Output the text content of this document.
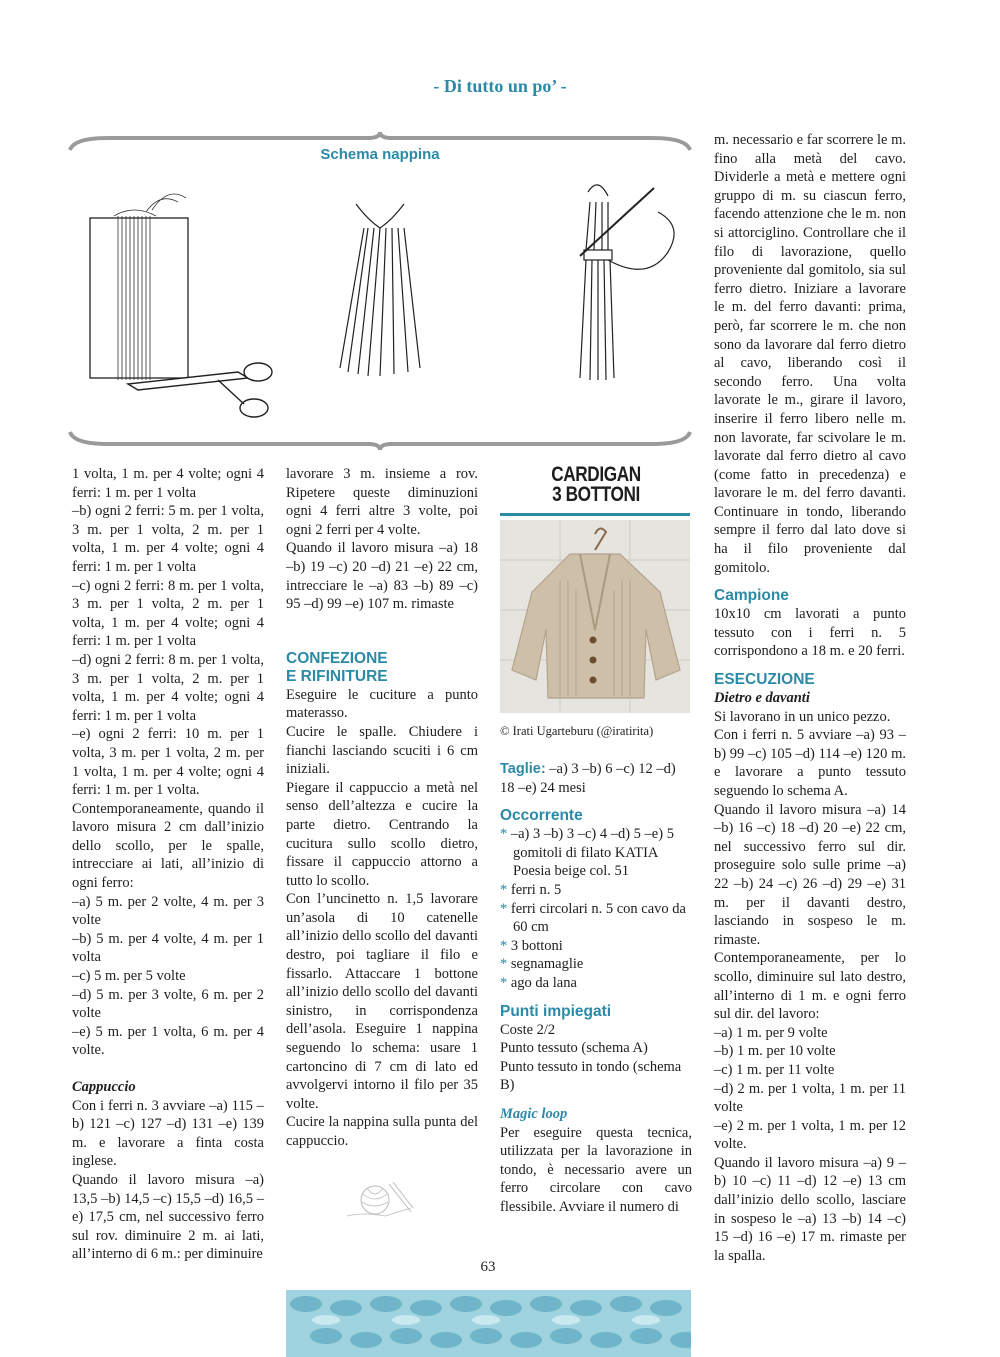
- Di tutto un po’ -
Schema nappina

1 volta, 1 m. per 4 volte; ogni 4 ferri: 1 m. per 1 volta

–b) ogni 2 ferri: 5 m. per 1 volta, 3 m. per 1 volta, 2 m. per 1 volta, 1 m. per 4 volte; ogni 4 ferri: 1 m. per 1 volta

–c) ogni 2 ferri: 8 m. per 1 volta, 3 m. per 1 volta, 2 m. per 1 volta, 1 m. per 4 volte; ogni 4 ferri: 1 m. per 1 volta

–d) ogni 2 ferri: 8 m. per 1 volta, 3 m. per 1 volta, 2 m. per 1 volta, 1 m. per 4 volte; ogni 4 ferri: 1 m. per 1 volta

–e) ogni 2 ferri: 10 m. per 1 volta, 3 m. per 1 volta, 2 m. per 1 volta, 1 m. per 4 volte; ogni 4 ferri: 1 m. per 1 volta.

Contemporaneamente, quando il lavoro misura 2 cm dall’inizio dello scollo, per le spalle, intrecciare ai lati, all’inizio di ogni ferro:

–a) 5 m. per 2 volte, 4 m. per 3 volte

–b) 5 m. per 4 volte, 4 m. per 1 volta

–c) 5 m. per 5 volte

–d) 5 m. per 3 volte, 6 m. per 2 volte

–e) 5 m. per 1 volta, 6 m. per 4 volte.

Cappuccio

Con i ferri n. 3 avviare –a) 115 –b) 121 –c) 127 –d) 131 –e) 139 m. e lavorare a finta costa inglese.

Quando il lavoro misura –a) 13,5 –b) 14,5 –c) 15,5 –d) 16,5 –e) 17,5 cm, nel successivo ferro sul rov. diminuire 2 m. ai lati, all’interno di 6 m.: per diminuire

lavorare 3 m. insieme a rov. Ripetere queste diminuzioni ogni 4 ferri altre 3 volte, poi ogni 2 ferri per 4 volte.

Quando il lavoro misura –a) 18 –b) 19 –c) 20 –d) 21 –e) 22 cm, intrecciare le –a) 83 –b) 89 –c) 95 –d) 99 –e) 107 m. rimaste

CONFEZIONE

E RIFINITURE

Eseguire le cuciture a punto materasso.

Cucire le spalle. Chiudere i fianchi lasciando scuciti i 6 cm iniziali.

Piegare il cappuccio a metà nel senso dell’altezza e cucire la parte dietro. Centrando la cucitura sullo scollo dietro, fissare il cappuccio attorno a tutto lo scollo.

Con l’uncinetto n. 1,5 lavorare un’asola di 10 catenelle all’inizio dello scollo del davanti destro, poi tagliare il filo e fissarlo. Attaccare 1 bottone all’inizio dello scollo del davanti sinistro, in corrispondenza dell’asola. Eseguire 1 nappina seguendo lo schema: usare 1 cartoncino di 7 cm di lato ed avvolgervi intorno il filo per 35 volte.

Cucire la nappina sulla punta del cappuccio.

CARDIGAN
3 BOTTONI
© Irati Ugarteburu (@iratirita)

Taglie: –a) 3 –b) 6 –c) 12 –d) 18 –e) 24 mesi

Occorrente

* –a) 3 –b) 3 –c) 4 –d) 5 –e) 5 gomitoli di filato KATIA Poesia beige col. 51
* ferri n. 5
* ferri circolari n. 5 con cavo da 60 cm
* 3 bottoni
* segnamaglie
* ago da lana

Punti impiegati

Coste 2/2

Punto tessuto (schema A)

Punto tessuto in tondo (schema B)

Magic loop

Per eseguire questa tecnica, utilizzata per la lavorazione in tondo, è necessario avere un ferro circolare con cavo flessibile. Avviare il numero di

m. necessario e far scorrere le m. fino alla metà del cavo. Dividerle a metà e mettere ogni gruppo di m. su ciascun ferro, facendo attenzione che le m. non si attorciglino. Controllare che il filo di lavorazione, quello proveniente dal gomitolo, sia sul ferro dietro. Iniziare a lavorare le m. del ferro davanti: prima, però, far scorrere le m. che non sono da lavorare dal ferro dietro al cavo, liberando così il secondo ferro. Una volta lavorate le m., girare il lavoro, inserire il ferro libero nelle m. non lavorate, far scivolare le m. lavorate dal ferro dietro al cavo (come fatto in precedenza) e lavorare le m. del ferro davanti. Continuare in tondo, liberando sempre il ferro dal lato dove si ha il filo proveniente dal gomitolo.

Campione

10x10 cm lavorati a punto tessuto con i ferri n. 5 corrispondono a 18 m. e 20 ferri.

ESECUZIONE

Dietro e davanti

Si lavorano in un unico pezzo.

Con i ferri n. 5 avviare –a) 93 –b) 99 –c) 105 –d) 114 –e) 120 m. e lavorare a punto tessuto seguendo lo schema A.

Quando il lavoro misura –a) 14 –b) 16 –c) 18 –d) 20 –e) 22 cm, nel successivo ferro sul dir. proseguire solo sulle prime –a) 22 –b) 24 –c) 26 –d) 29 –e) 31 m. per il davanti destro, lasciando in sospeso le m. rimaste.

Contemporaneamente, per lo scollo, diminuire sul lato destro, all’interno di 1 m. e ogni ferro sul dir. del lavoro:

–a) 1 m. per 9 volte

–b) 1 m. per 10 volte

–c) 1 m. per 11 volte

–d) 2 m. per 1 volta, 1 m. per 11 volte

–e) 2 m. per 1 volta, 1 m. per 12 volte.

Quando il lavoro misura –a) 9 –b) 10 –c) 11 –d) 12 –e) 13 cm dall’inizio dello scollo, lasciare in sospeso le –a) 13 –b) 14 –c) 15 –d) 16 –e) 17 m. rimaste per la spalla.

63
